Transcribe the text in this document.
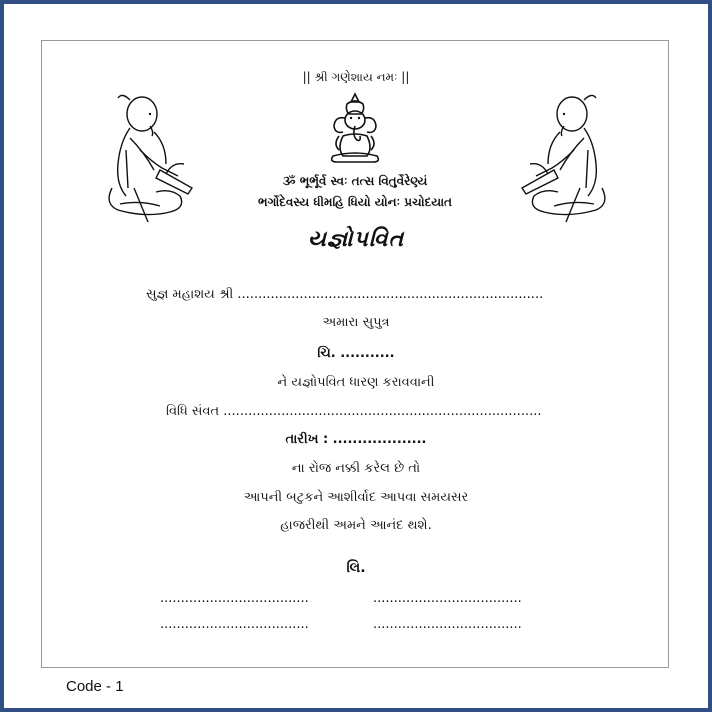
|| શ્રી ગણેશાય નમઃ ||
ૐ ભૂર્ભૂર્વ સ્વઃ તત્સ વિતુર્વેરેણ્યં
ભર્ગોદેવસ્ય ધીમહિ ધિયો યોનઃ પ્રચોદયાત
યજ્ઞોપવિત
સુજ્ઞ મહાશય શ્રી ..........................................................................
અમારા સુપુત્ર
ચિ. ...........
ને યજ્ઞોપવિત ધારણ કરાવવાની
વિધિ સંવત .............................................................................
તારીખ : ...................
ના રોજ નક્કી કરેલ છે તો
આપની બટુકને આશીર્વાદ આપવા સમયસર
હાજરીથી અમને આનંદ થશે.
લિ.
....................................	....................................
....................................	....................................
Code - 1
